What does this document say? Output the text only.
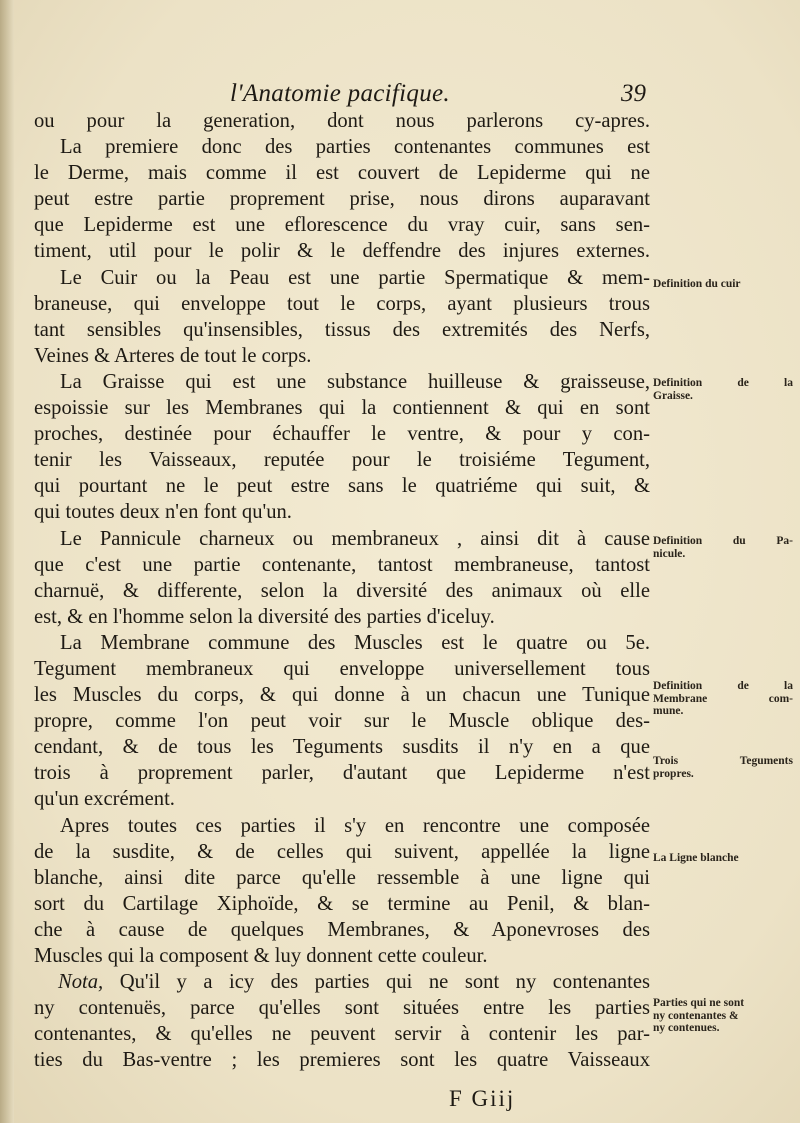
l'Anatomie pacifique.	39
ou pour la generation, dont nous parlerons cy-apres.
La premiere donc des parties contenantes communes est
le Derme, mais comme il est couvert de Lepiderme qui ne
peut estre partie proprement prise, nous dirons auparavant
que Lepiderme est une eflorescence du vray cuir, sans sen-
timent, util pour le polir & le deffendre des injures externes.
Le Cuir ou la Peau est une partie Spermatique & mem-
braneuse, qui enveloppe tout le corps, ayant plusieurs trous
tant sensibles qu'insensibles, tissus des extremités des Nerfs,
Veines & Arteres de tout le corps.
La Graisse qui est une substance huilleuse & graisseuse,
espoissie sur les Membranes qui la contiennent & qui en sont
proches, destinée pour échauffer le ventre, & pour y con-
tenir les Vaisseaux, reputée pour le troisiéme Tegument,
qui pourtant ne le peut estre sans le quatriéme qui suit, &
qui toutes deux n'en font qu'un.
Le Pannicule charneux ou membraneux , ainsi dit à cause
que c'est une partie contenante, tantost membraneuse, tantost
charnuë, & differente, selon la diversité des animaux où elle
est, & en l'homme selon la diversité des parties d'iceluy.
La Membrane commune des Muscles est le quatre ou 5e.
Tegument membraneux qui enveloppe universellement tous
les Muscles du corps, & qui donne à un chacun une Tunique
propre, comme l'on peut voir sur le Muscle oblique des-
cendant, & de tous les Teguments susdits il n'y en a que
trois à proprement parler, d'autant que Lepiderme n'est
qu'un excrément.
Apres toutes ces parties il s'y en rencontre une composée
de la susdite, & de celles qui suivent, appellée la ligne
blanche, ainsi dite parce qu'elle ressemble à une ligne qui
sort du Cartilage Xiphoïde, & se termine au Penil, & blan-
che à cause de quelques Membranes, & Aponevroses des
Muscles qui la composent & luy donnent cette couleur.
Nota, Qu'il y a icy des parties qui ne sont ny contenantes
ny contenuës, parce qu'elles sont situées entre les parties
contenantes, & qu'elles ne peuvent servir à contenir les par-
ties du Bas-ventre ; les premieres sont les quatre Vaisseaux
Definition du cuir
Definition de la
Graisse.
Definition du Pa-
nicule.
Definition de la
Membrane com-
mune.
Trois Teguments
propres.
La Ligne blanche
Parties qui ne sont
ny contenantes &
ny contenues.
F Giij
